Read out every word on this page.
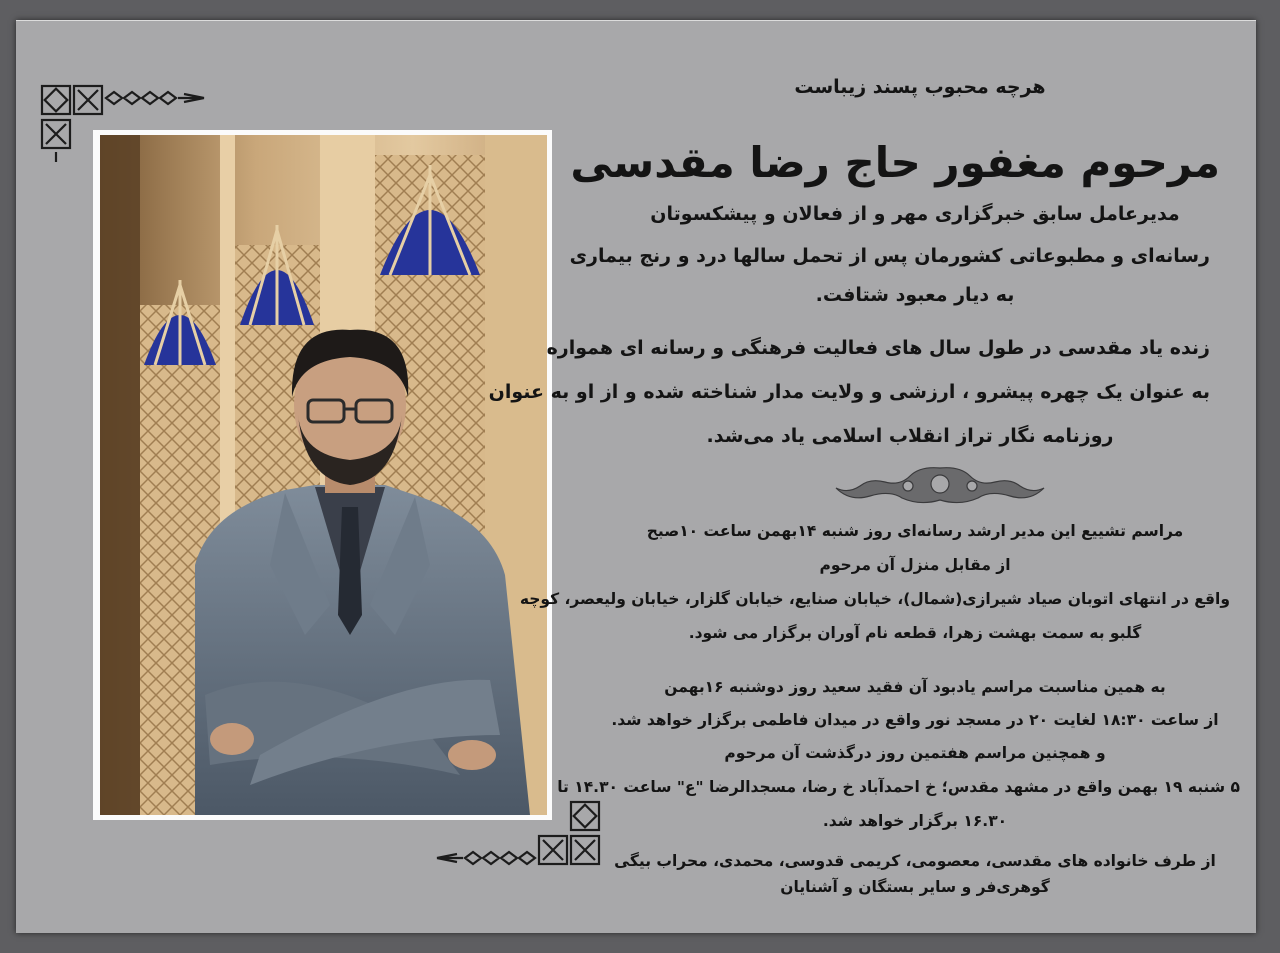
هرچه محبوب پسند زیباست
مرحوم مغفور حاج رضا مقدسی
مدیرعامل سابق خبرگزاری مهر و از فعالان و پیشکسوتان
رسانه‌ای و مطبوعاتی کشورمان پس از تحمل سالها درد و رنج بیماری
به دیار معبود شتافت.
زنده یاد مقدسی در طول سال های فعالیت فرهنگی و رسانه ای همواره
به عنوان یک چهره پیشرو ، ارزشی و ولایت مدار شناخته شده و از او به عنوان
روزنامه نگار تراز انقلاب اسلامی یاد می‌شد.
مراسم تشییع این مدیر ارشد رسانه‌ای روز شنبه ۱۴بهمن ساعت ۱۰صبح
از مقابل منزل آن مرحوم
واقع در انتهای اتوبان صیاد شیرازی(شمال)، خیابان صنایع، خیابان گلزار، خیابان ولیعصر، کوچه
گلبو به سمت بهشت زهرا، قطعه نام آوران برگزار می شود.
به همین مناسبت مراسم یادبود آن فقید سعید روز دوشنبه ۱۶بهمن
از ساعت ۱۸:۳۰ لغایت ۲۰ در مسجد نور واقع در میدان فاطمی برگزار خواهد شد.
و همچنین مراسم هفتمین روز درگذشت آن مرحوم
۵ شنبه ۱۹ بهمن واقع در مشهد مقدس؛ خ احمدآباد خ رضا، مسجدالرضا "ع" ساعت ۱۴.۳۰ تا
۱۶.۳۰ برگزار خواهد شد.
از طرف خانواده های مقدسی، معصومی، کریمی قدوسی، محمدی، محراب بیگی
گوهری‌فر و سایر بستگان و آشنایان
